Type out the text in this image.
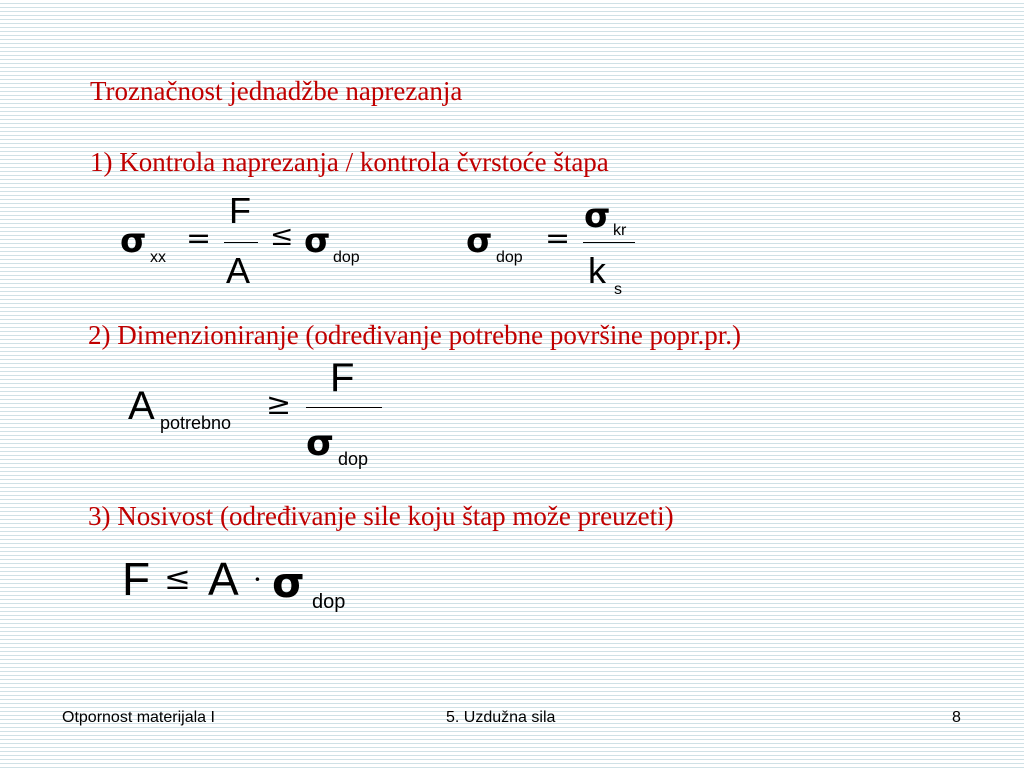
Troznačnost jednadžbe naprezanja
1) Kontrola naprezanja / kontrola čvrstoće štapa
2) Dimenzioniranje (određivanje potrebne površine popr.pr.)
3) Nosivost (određivanje sile koju štap može preuzeti)
σ xx
=
F
A
≤ σ dop	σ dop
=
σ kr
k s
A potrebno
≥
F
σ dop
F ≤ A · σ dop
Otpornost materijala I	5. Uzdužna sila	8
